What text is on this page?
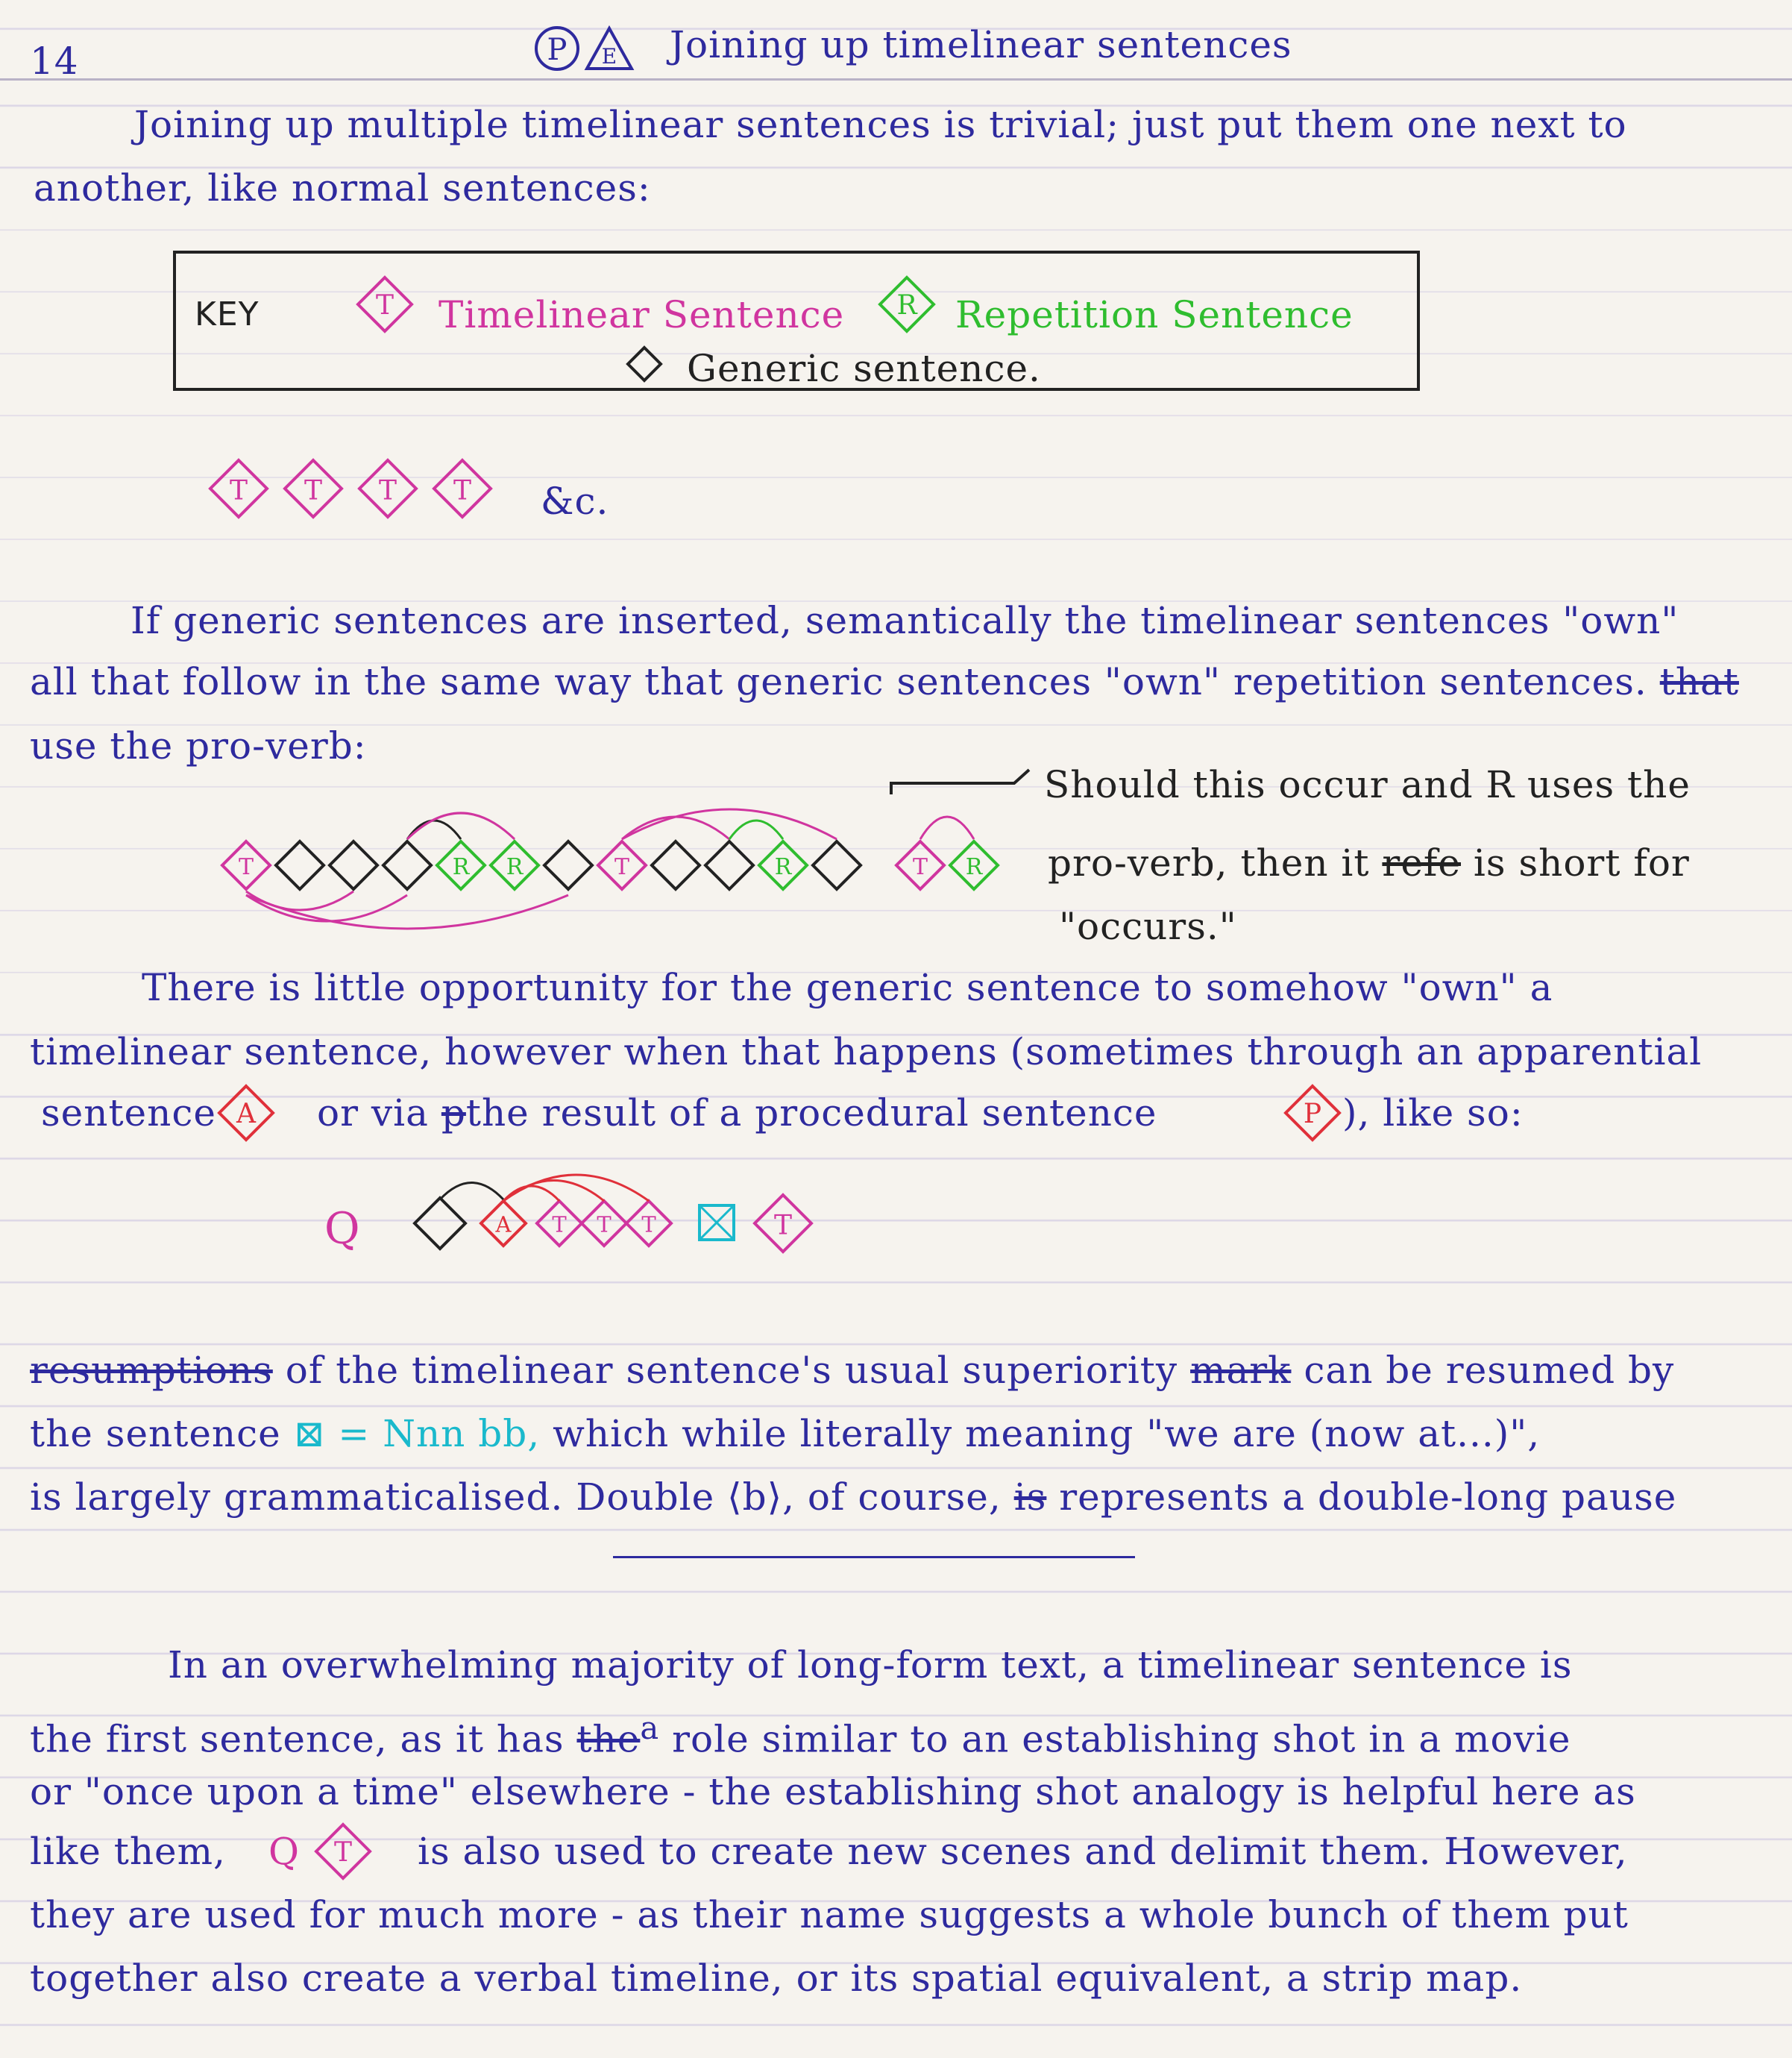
14	P E Joining up timelinear sentences
Joining up multiple timelinear sentences is trivial; just put them one next to
another, like normal sentences:
KEY	T Timelinear Sentence R Repetition Sentence
Generic sentence.
T T T T &c.
If generic sentences are inserted, semantically the timelinear sentences "own"
all that follow in the same way that generic sentences "own" repetition sentences. that
use the pro-verb:
T	R R	T	R	T R
Should this occur and R uses the
pro-verb, then it refe is short for
"occurs."
There is little opportunity for the generic sentence to somehow "own" a
timelinear sentence, however when that happens (sometimes through an apparential
sentence A or via pthe result of a procedural sentence	P ), like so:
Q	A T T T	T
resumptions of the timelinear sentence's usual superiority mark can be resumed by
the sentence ⊠ = Nnn bb, which while literally meaning "we are (now at...)",
is largely grammaticalised. Double ⟨b⟩, of course, is represents a double-long pause
In an overwhelming majority of long-form text, a timelinear sentence is
the first sentence, as it has the$^a$ role similar to an establishing shot in a movie
or "once upon a time" elsewhere - the establishing shot analogy is helpful here as
like them, Q T is also used to create new scenes and delimit them. However,
they are used for much more - as their name suggests a whole bunch of them put
together also create a verbal timeline, or its spatial equivalent, a strip map.
